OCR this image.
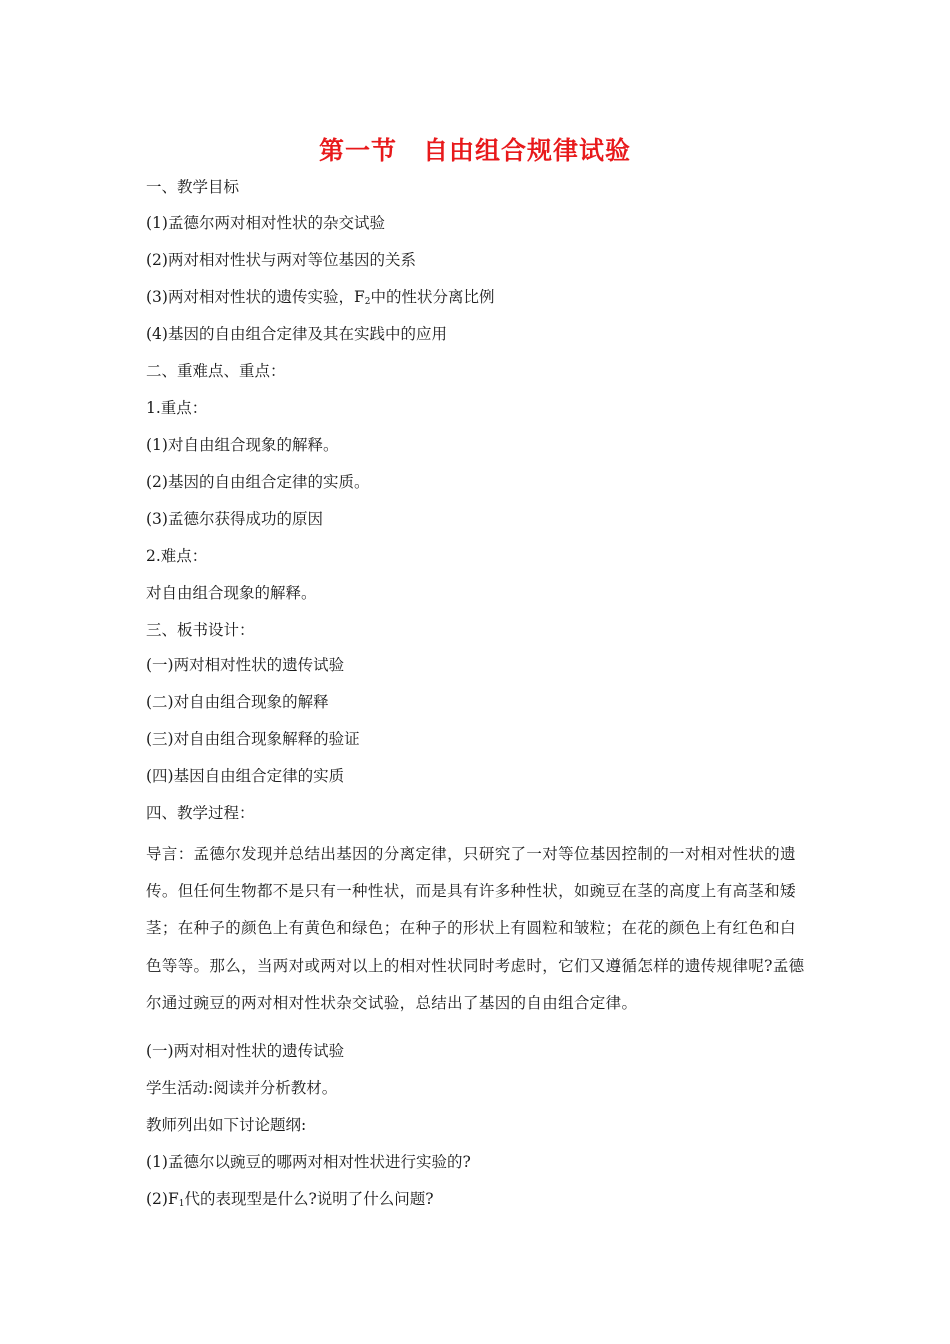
第一节　自由组合规律试验
一、教学目标
(1)孟德尔两对相对性状的杂交试验
(2)两对相对性状与两对等位基因的关系
(3)两对相对性状的遗传实验，$F_2$中的性状分离比例
(4)基因的自由组合定律及其在实践中的应用
二、重难点、重点：
1.重点：
(1)对自由组合现象的解释。
(2)基因的自由组合定律的实质。
(3)孟德尔获得成功的原因
2.难点：
对自由组合现象的解释。
三、板书设计：
(一)两对相对性状的遗传试验
(二)对自由组合现象的解释
(三)对自由组合现象解释的验证
(四)基因自由组合定律的实质
四、教学过程：
导言：孟德尔发现并总结出基因的分离定律，只研究了一对等位基因控制的一对相对性状的遗传。但任何生物都不是只有一种性状，而是具有许多种性状，如豌豆在茎的高度上有高茎和矮茎；在种子的颜色上有黄色和绿色；在种子的形状上有圆粒和皱粒；在花的颜色上有红色和白色等等。那么，当两对或两对以上的相对性状同时考虑时，它们又遵循怎样的遗传规律呢?孟德尔通过豌豆的两对相对性状杂交试验，总结出了基因的自由组合定律。
(一)两对相对性状的遗传试验
学生活动:阅读并分析教材。
教师列出如下讨论题纲:
(1)孟德尔以豌豆的哪两对相对性状进行实验的?
$(2)F_1$代的表现型是什么?说明了什么问题?
